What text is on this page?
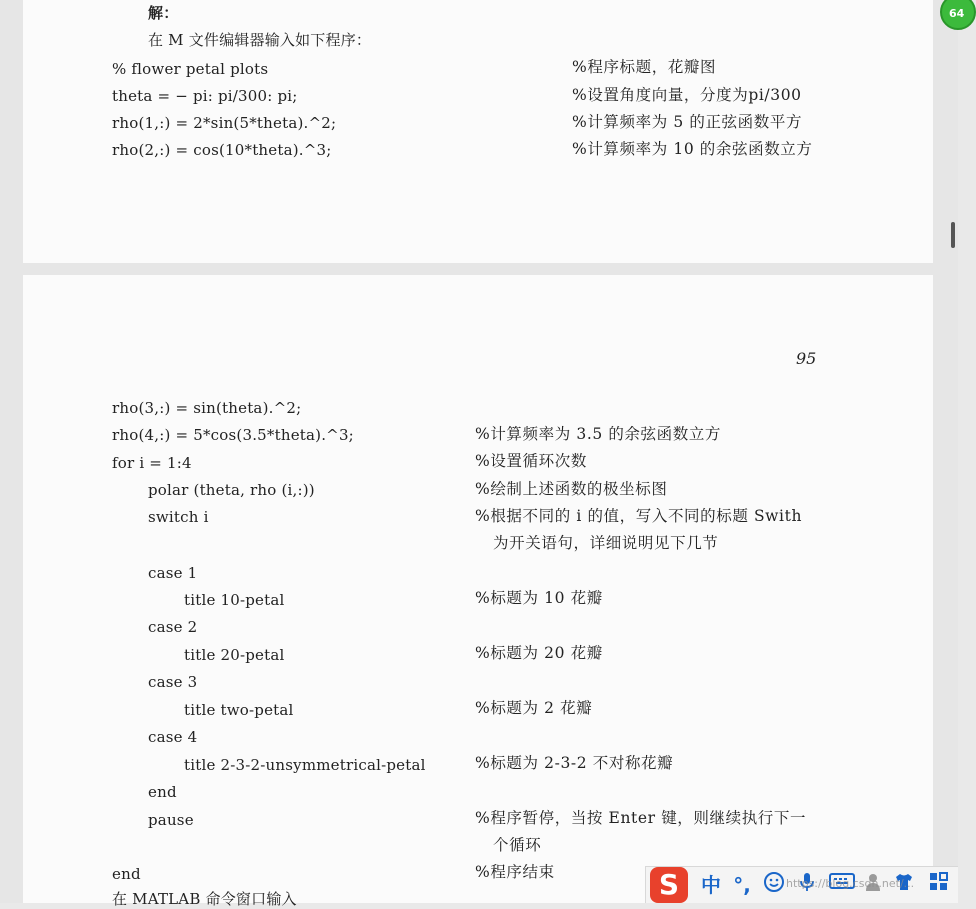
解：
在 M 文件编辑器输入如下程序：
% flower petal plots	%程序标题，花瓣图
theta = − pi: pi/300: pi;	%设置角度向量，分度为pi/300
rho(1,:) = 2*sin(5*theta).^2;	%计算频率为 5 的正弦函数平方
rho(2,:) = cos(10*theta).^3;	%计算频率为 10 的余弦函数立方
95
rho(3,:) = sin(theta).^2;
rho(4,:) = 5*cos(3.5*theta).^3;	%计算频率为 3.5 的余弦函数立方
for i = 1:4	%设置循环次数
polar (theta, rho (i,:))	%绘制上述函数的极坐标图
switch i	%根据不同的 i 的值，写入不同的标题 Swith
为开关语句，详细说明见下几节
case 1
title 10-petal	%标题为 10 花瓣
case 2
title 20-petal	%标题为 20 花瓣
case 3
title two-petal	%标题为 2 花瓣
case 4
title 2-3-2-unsymmetrical-petal	%标题为 2-3-2 不对称花瓣
end
pause	%程序暂停，当按 Enter 键，则继续执行下一
个循环
end	%程序结束
在 MATLAB 命令窗口输入
64
S	中 °,	https://blog.csdn.net/...
